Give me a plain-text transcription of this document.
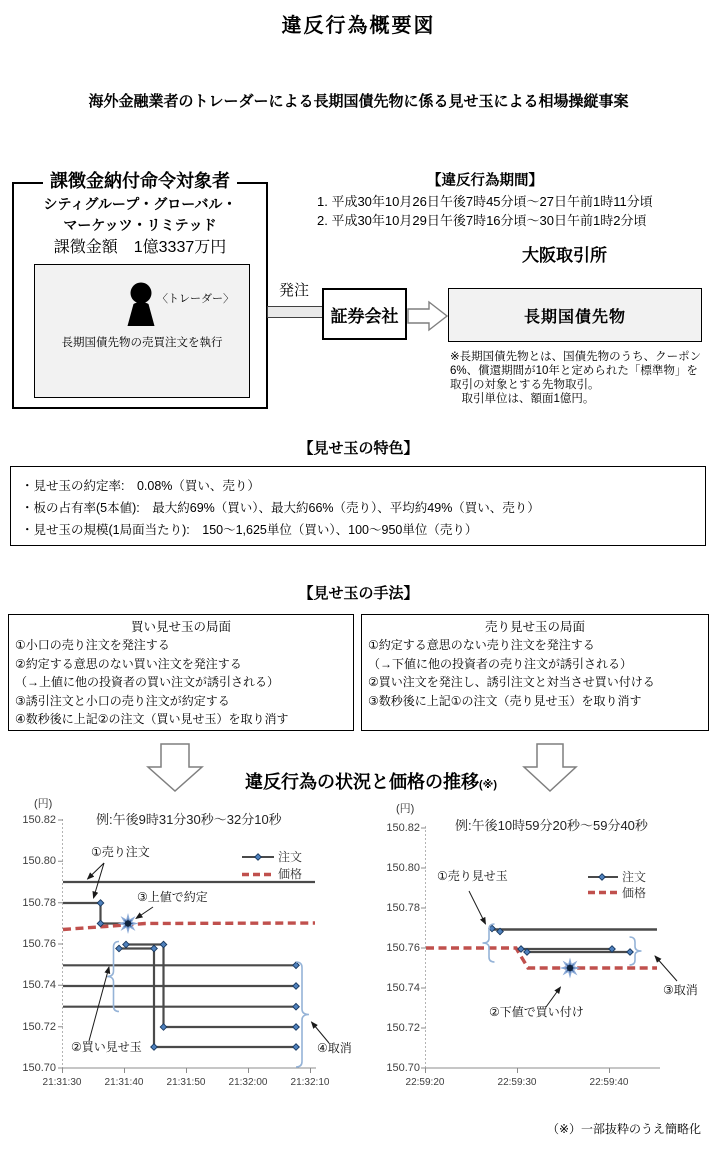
課徴金納付命令対象者
シティグループ・グローバル・
マーケッツ・リミテッド
課徴金額　1億3337万円
〈トレーダー〉
長期国債先物の売買注文を執行
証券会社	長期国債先物
・見せ玉の約定率:　0.08%（買い、売り）
・板の占有率(5本値):　最大約69%（買い）、最大約66%（売り）、平均約49%（買い、売り）
・見せ玉の規模(1局面当たり):　150～1,625単位（買い）、100～950単位（売り）
買い見せ玉の局面
①小口の売り注文を発注する
②約定する意思のない買い注文を発注する
（→上値に他の投資者の買い注文が誘引される）
③誘引注文と小口の売り注文が約定する
④数秒後に上記②の注文（買い見せ玉）を取り消す
売り見せ玉の局面
①約定する意思のない売り注文を発注する
（→下値に他の投資者の売り注文が誘引される）
②買い注文を発注し、誘引注文と対当させ買い付ける
③数秒後に上記①の注文（売り見せ玉）を取り消す
違反行為概要図
海外金融業者のトレーダーによる長期国債先物に係る見せ玉による相場操縦事案
発注
【違反行為期間】
1. 平成30年10月26日午後7時45分頃～27日午前1時11分頃
2. 平成30年10月29日午後7時16分頃～30日午前1時2分頃
大阪取引所
※長期国債先物とは、国債先物のうち、クーポン
6%、償還期間が10年と定められた「標準物」を
取引の対象とする先物取引。
　取引単位は、額面1億円。
【見せ玉の特色】
【見せ玉の手法】
違反行為の状況と価格の推移(※)
(円)
例:午後9時31分30秒～32分10秒
150.82
150.80
150.78
150.76
150.74
150.72
150.70
21:31:30	21:31:40	21:31:50	21:32:00	21:32:10
注文
価格
①売り注文
③上値で約定
②買い見せ玉	④取消
(円)
例:午後10時59分20秒～59分40秒
150.82
150.80
150.78
150.76
150.74
150.72
150.70
22:59:20	22:59:30	22:59:40
注文
価格
①売り見せ玉
②下値で買い付け
③取消
（※）一部抜粋のうえ簡略化
